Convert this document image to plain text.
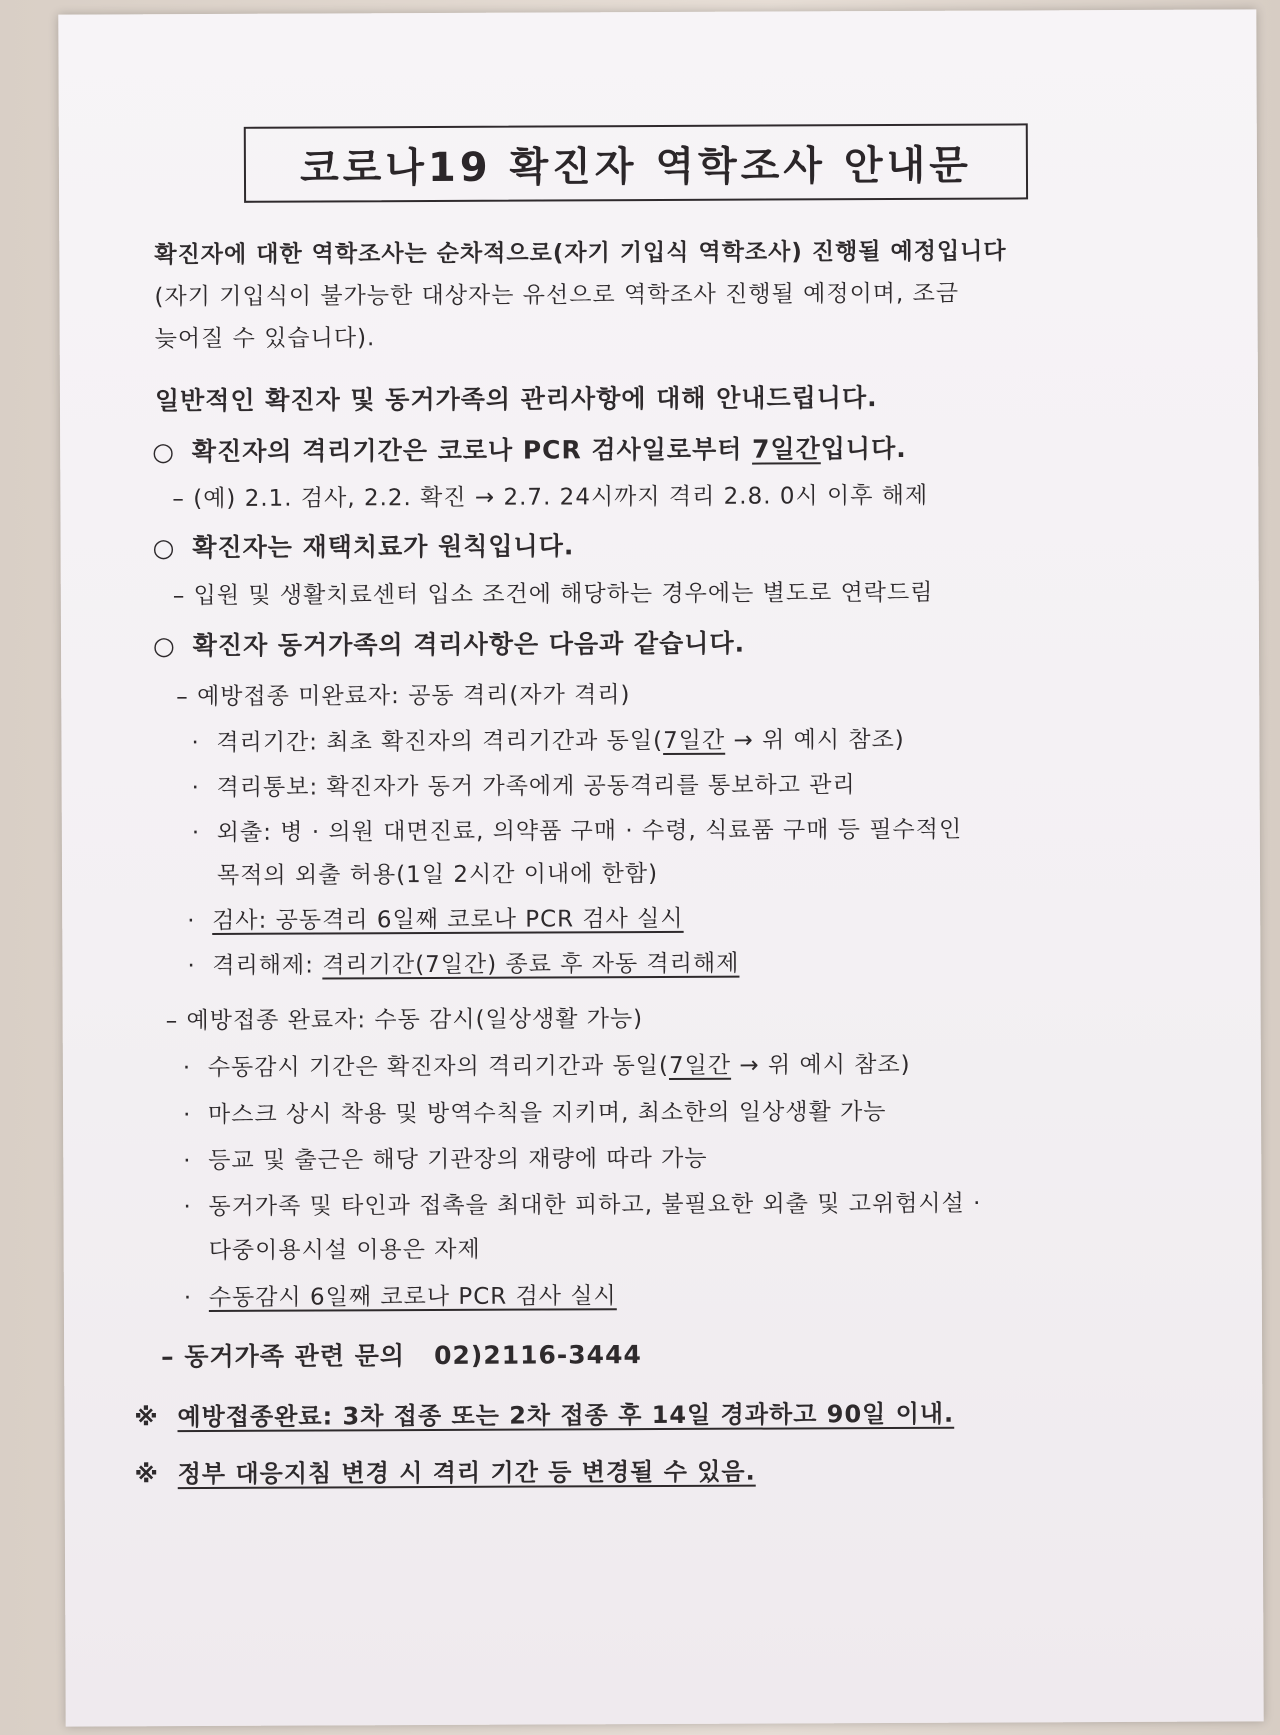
코로나19 확진자 역학조사 안내문
확진자에 대한 역학조사는 순차적으로(자기 기입식 역학조사) 진행될 예정입니다
(자기 기입식이 불가능한 대상자는 유선으로 역학조사 진행될 예정이며, 조금
늦어질 수 있습니다).
일반적인 확진자 및 동거가족의 관리사항에 대해 안내드립니다.
○ 확진자의 격리기간은 코로나 PCR 검사일로부터 7일간입니다.
– (예) 2.1. 검사, 2.2. 확진 → 2.7. 24시까지 격리 2.8. 0시 이후 해제
○ 확진자는 재택치료가 원칙입니다.
– 입원 및 생활치료센터 입소 조건에 해당하는 경우에는 별도로 연락드림
○ 확진자 동거가족의 격리사항은 다음과 같습니다.
– 예방접종 미완료자: 공동 격리(자가 격리)
· 격리기간: 최초 확진자의 격리기간과 동일(7일간 → 위 예시 참조)
· 격리통보: 확진자가 동거 가족에게 공동격리를 통보하고 관리
· 외출: 병 · 의원 대면진료, 의약품 구매 · 수령, 식료품 구매 등 필수적인
목적의 외출 허용(1일 2시간 이내에 한함)
· 검사: 공동격리 6일째 코로나 PCR 검사 실시
· 격리해제: 격리기간(7일간) 종료 후 자동 격리해제
– 예방접종 완료자: 수동 감시(일상생활 가능)
· 수동감시 기간은 확진자의 격리기간과 동일(7일간 → 위 예시 참조)
· 마스크 상시 착용 및 방역수칙을 지키며, 최소한의 일상생활 가능
· 등교 및 출근은 해당 기관장의 재량에 따라 가능
· 동거가족 및 타인과 접촉을 최대한 피하고, 불필요한 외출 및 고위험시설 ·
다중이용시설 이용은 자제
· 수동감시 6일째 코로나 PCR 검사 실시
– 동거가족 관련 문의 02)2116-3444
※ 예방접종완료: 3차 접종 또는 2차 접종 후 14일 경과하고 90일 이내.
※ 정부 대응지침 변경 시 격리 기간 등 변경될 수 있음.
